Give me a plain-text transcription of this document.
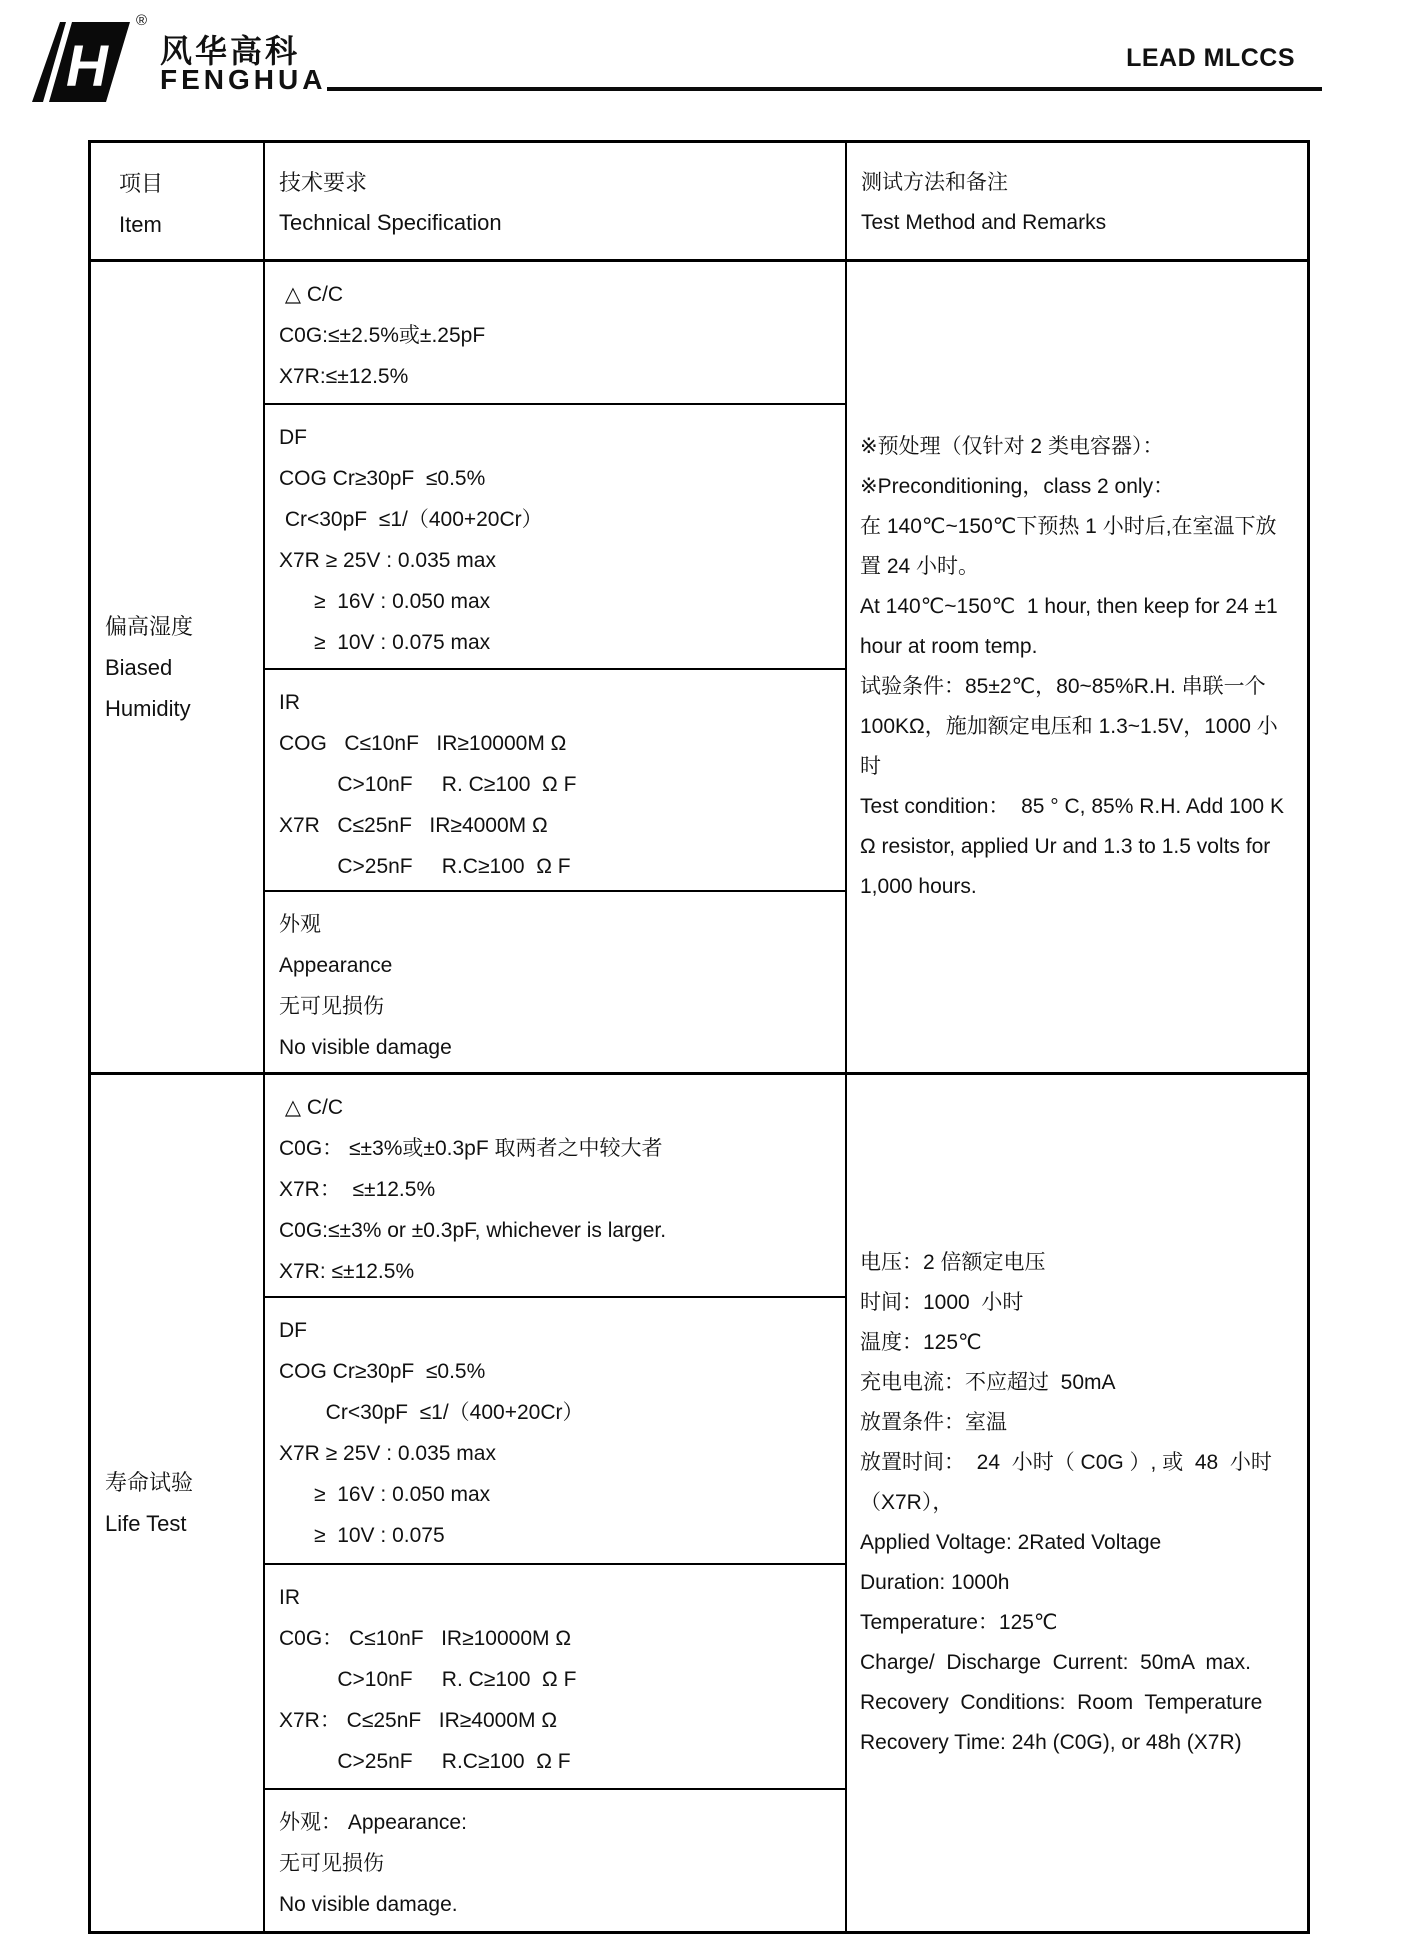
H
®
风华高科
FENGHUA
LEAD MLCCS
项目
Item
技术要求
Technical Specification
测试方法和备注
Test Method and Remarks
偏高湿度
Biased
Humidity
△ C/C
C0G:≤±2.5%或±.25pF
X7R:≤±12.5%
DF
COG Cr≥30pF  ≤0.5%
Cr<30pF  ≤1/（400+20Cr）
X7R ≥ 25V : 0.035 max
≥  16V : 0.050 max
≥  10V : 0.075 max
IR
COG   C≤10nF   IR≥10000M Ω
C>10nF     R. C≥100  Ω F
X7R   C≤25nF   IR≥4000M Ω
C>25nF     R.C≥100  Ω F
外观
Appearance
无可见损伤
No visible damage
※预处理（仅针对 2 类电容器）：
※Preconditioning，class 2 only：
在 140℃~150℃下预热 1 小时后,在室温下放
置 24 小时。
At 140℃~150℃  1 hour, then keep for 24 ±1
hour at room temp.
试验条件：85±2℃，80~85%R.H. 串联一个
100KΩ，施加额定电压和 1.3~1.5V，1000 小
时
Test condition：  85 ° C, 85% R.H. Add 100 K
Ω resistor, applied Ur and 1.3 to 1.5 volts for
1,000 hours.
寿命试验
Life Test
△ C/C
C0G： ≤±3%或±0.3pF 取两者之中较大者
X7R：  ≤±12.5%
C0G:≤±3% or ±0.3pF, whichever is larger.
X7R: ≤±12.5%
DF
COG Cr≥30pF  ≤0.5%
Cr<30pF  ≤1/（400+20Cr）
X7R ≥ 25V : 0.035 max
≥  16V : 0.050 max
≥  10V : 0.075
IR
C0G： C≤10nF   IR≥10000M Ω
C>10nF     R. C≥100  Ω F
X7R： C≤25nF   IR≥4000M Ω
C>25nF     R.C≥100  Ω F
外观： Appearance:
无可见损伤
No visible damage.
电压：2 倍额定电压
时间：1000  小时
温度：125℃
充电电流：不应超过  50mA
放置条件：室温
放置时间：  24  小时（ C0G ）, 或  48  小时
（X7R），
Applied Voltage: 2Rated Voltage
Duration: 1000h
Temperature：125℃
Charge/  Discharge  Current:  50mA  max.
Recovery  Conditions:  Room  Temperature
Recovery Time: 24h (C0G), or 48h (X7R)
